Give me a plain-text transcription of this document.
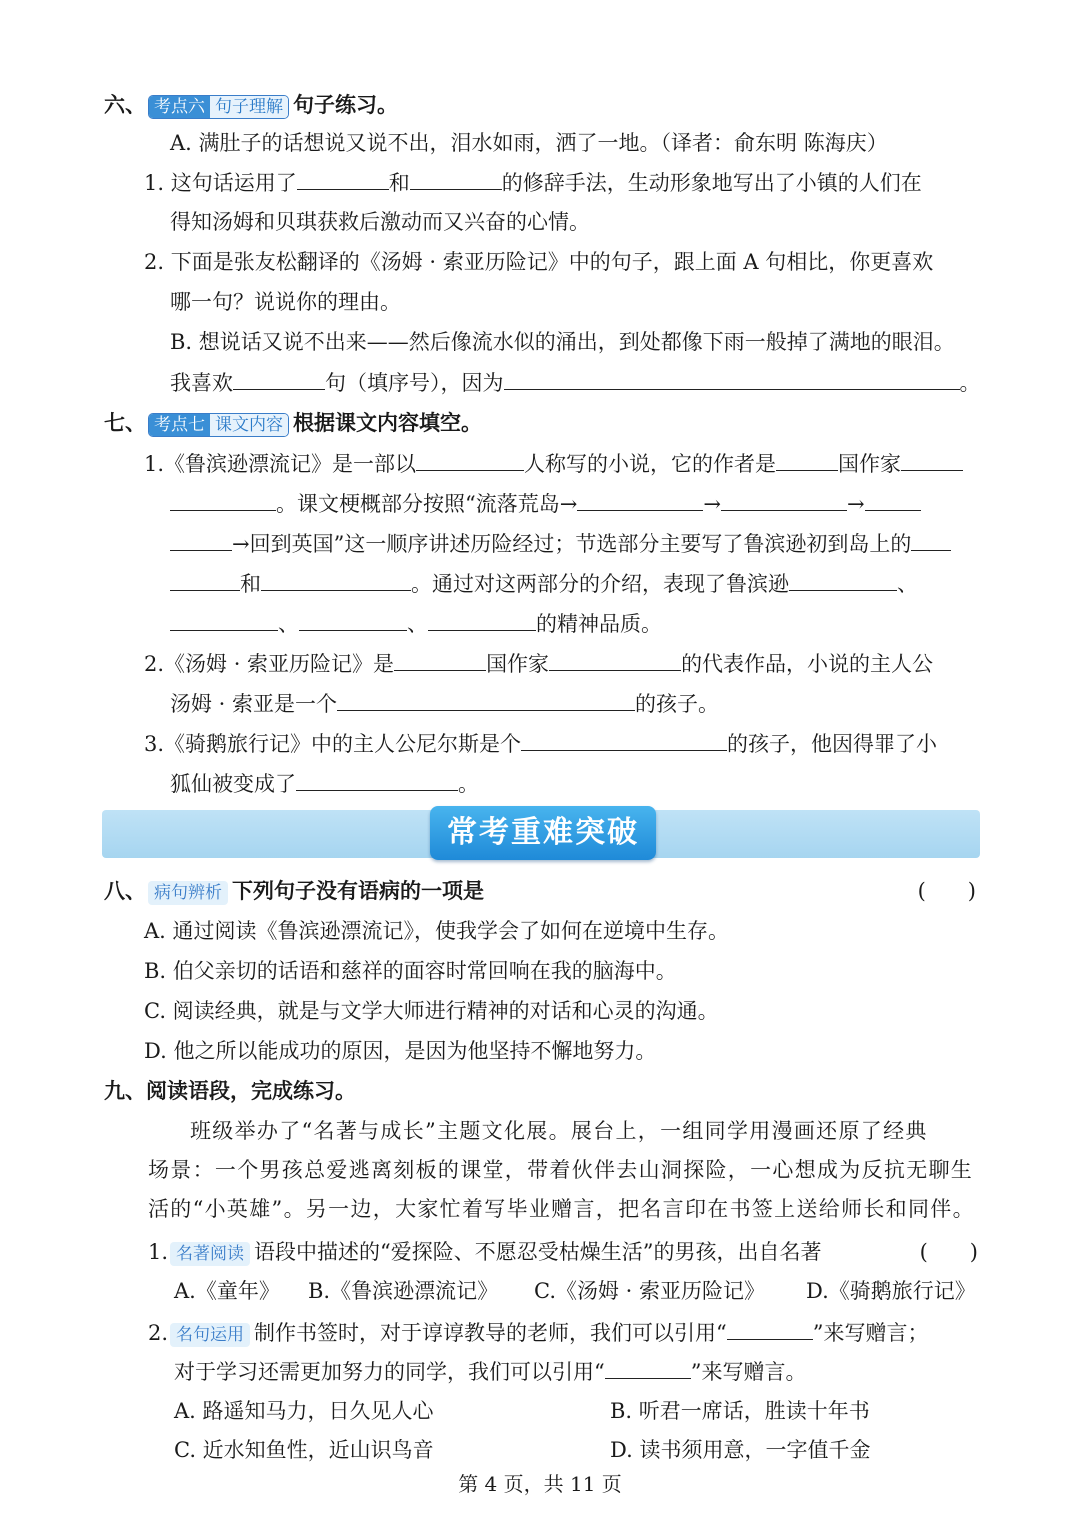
六、 考点六 句子理解 句子练习。
A. 满肚子的话想说又说不出，泪水如雨，洒了一地。（译者：俞东明 陈海庆）
1. 这句话运用了	和	的修辞手法，生动形象地写出了小镇的人们在
得知汤姆和贝琪获救后激动而又兴奋的心情。
2. 下面是张友松翻译的《汤姆 · 索亚历险记》中的句子，跟上面 A 句相比，你更喜欢
哪一句？说说你的理由。
B. 想说话又说不出来——然后像流水似的涌出，到处都像下雨一般掉了满地的眼泪。
我喜欢	句（填序号），因为	。
七、 考点七 课文内容 根据课文内容填空。
1.《鲁滨逊漂流记》是一部以	人称写的小说，它的作者是	国作家
。课文梗概部分按照“流落荒岛→	→	→
→回到英国”这一顺序讲述历险经过；节选部分主要写了鲁滨逊初到岛上的
和	。通过对这两部分的介绍，表现了鲁滨逊	、
、	、	的精神品质。
2.《汤姆 · 索亚历险记》是	国作家	的代表作品，小说的主人公
汤姆 · 索亚是一个	的孩子。
3.《骑鹅旅行记》中的主人公尼尔斯是个	的孩子，他因得罪了小
狐仙被变成了	。
常考重难突破
八、 病句辨析 下列句子没有语病的一项是	(　　)
A. 通过阅读《鲁滨逊漂流记》，使我学会了如何在逆境中生存。
B. 伯父亲切的话语和慈祥的面容时常回响在我的脑海中。
C. 阅读经典，就是与文学大师进行精神的对话和心灵的沟通。
D. 他之所以能成功的原因，是因为他坚持不懈地努力。
九、阅读语段，完成练习。
班级举办了“名著与成长”主题文化展。展台上，一组同学用漫画还原了经典
场景：一个男孩总爱逃离刻板的课堂，带着伙伴去山洞探险，一心想成为反抗无聊生
活的“小英雄”。另一边，大家忙着写毕业赠言，把名言印在书签上送给师长和同伴。
1. 名著阅读 语段中描述的“爱探险、不愿忍受枯燥生活”的男孩，出自名著	(　　)
A.《童年》 B.《鲁滨逊漂流记》 C.《汤姆 · 索亚历险记》 D.《骑鹅旅行记》
2. 名句运用 制作书签时，对于谆谆教导的老师，我们可以引用“	”来写赠言；
对于学习还需更加努力的同学，我们可以引用“	”来写赠言。
A. 路遥知马力，日久见人心	B. 听君一席话，胜读十年书
C. 近水知鱼性，近山识鸟音	D. 读书须用意，一字值千金
第 4 页，共 11 页
